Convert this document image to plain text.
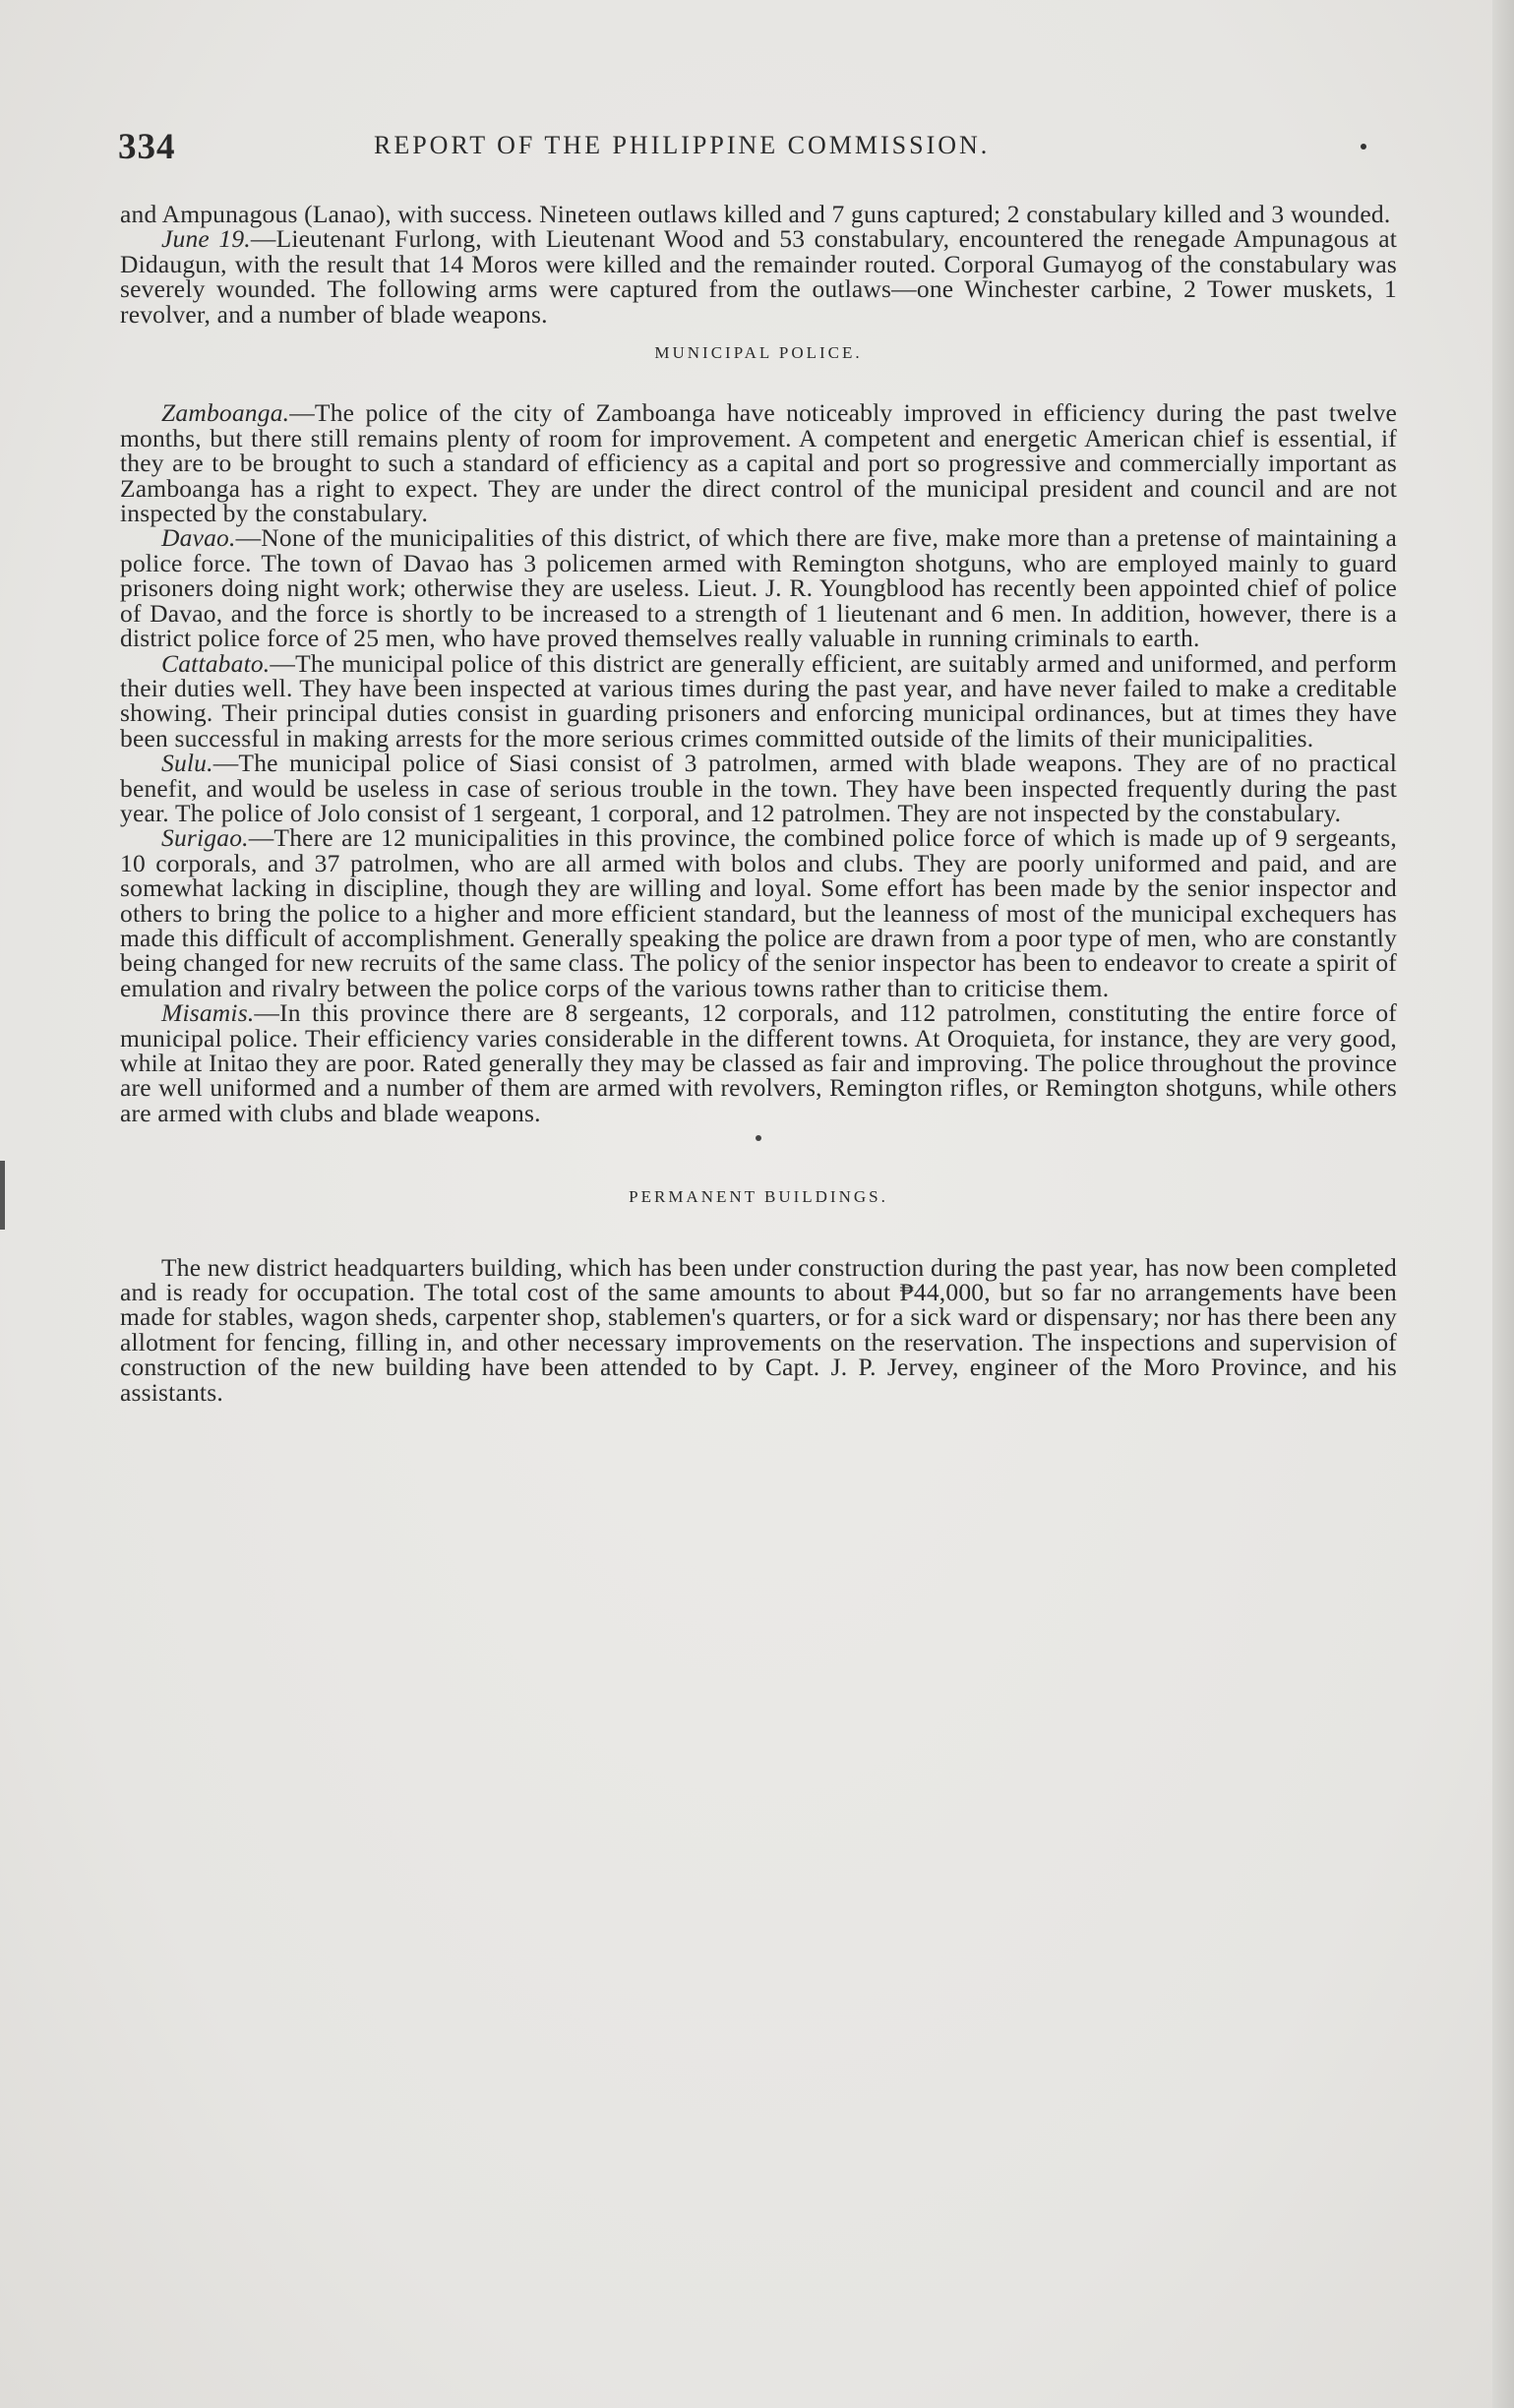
334	REPORT OF THE PHILIPPINE COMMISSION.

and Ampunagous (Lanao), with success. Nineteen outlaws killed and 7 guns captured; 2 constabulary killed and 3 wounded.

June 19.—Lieutenant Furlong, with Lieutenant Wood and 53 constabulary, encountered the renegade Ampunagous at Didaugun, with the result that 14 Moros were killed and the remainder routed. Corporal Gumayog of the constabulary was severely wounded. The following arms were captured from the outlaws—one Winchester carbine, 2 Tower muskets, 1 revolver, and a number of blade weapons.

MUNICIPAL POLICE.

Zamboanga.—The police of the city of Zamboanga have noticeably improved in efficiency during the past twelve months, but there still remains plenty of room for improvement. A competent and energetic American chief is essential, if they are to be brought to such a standard of efficiency as a capital and port so progressive and commercially important as Zamboanga has a right to expect. They are under the direct control of the municipal president and council and are not inspected by the constabulary.

Davao.—None of the municipalities of this district, of which there are five, make more than a pretense of maintaining a police force. The town of Davao has 3 policemen armed with Remington shotguns, who are employed mainly to guard prisoners doing night work; otherwise they are useless. Lieut. J. R. Youngblood has recently been appointed chief of police of Davao, and the force is shortly to be increased to a strength of 1 lieutenant and 6 men. In addition, however, there is a district police force of 25 men, who have proved themselves really valuable in running criminals to earth.

Cattabato.—The municipal police of this district are generally efficient, are suitably armed and uniformed, and perform their duties well. They have been inspected at various times during the past year, and have never failed to make a creditable showing. Their principal duties consist in guarding prisoners and enforcing municipal ordinances, but at times they have been successful in making arrests for the more serious crimes committed outside of the limits of their municipalities.

Sulu.—The municipal police of Siasi consist of 3 patrolmen, armed with blade weapons. They are of no practical benefit, and would be useless in case of serious trouble in the town. They have been inspected frequently during the past year. The police of Jolo consist of 1 sergeant, 1 corporal, and 12 patrolmen. They are not inspected by the constabulary.

Surigao.—There are 12 municipalities in this province, the combined police force of which is made up of 9 sergeants, 10 corporals, and 37 patrolmen, who are all armed with bolos and clubs. They are poorly uniformed and paid, and are somewhat lacking in discipline, though they are willing and loyal. Some effort has been made by the senior inspector and others to bring the police to a higher and more efficient standard, but the leanness of most of the municipal exchequers has made this difficult of accomplishment. Generally speaking the police are drawn from a poor type of men, who are constantly being changed for new recruits of the same class. The policy of the senior inspector has been to endeavor to create a spirit of emulation and rivalry between the police corps of the various towns rather than to criticise them.

Misamis.—In this province there are 8 sergeants, 12 corporals, and 112 patrolmen, constituting the entire force of municipal police. Their efficiency varies considerable in the different towns. At Oroquieta, for instance, they are very good, while at Initao they are poor. Rated generally they may be classed as fair and improving. The police throughout the province are well uniformed and a number of them are armed with revolvers, Remington rifles, or Remington shotguns, while others are armed with clubs and blade weapons.

PERMANENT BUILDINGS.

The new district headquarters building, which has been under construction during the past year, has now been completed and is ready for occupation. The total cost of the same amounts to about ₱44,000, but so far no arrangements have been made for stables, wagon sheds, carpenter shop, stablemen's quarters, or for a sick ward or dispensary; nor has there been any allotment for fencing, filling in, and other necessary improvements on the reservation. The inspections and supervision of construction of the new building have been attended to by Capt. J. P. Jervey, engineer of the Moro Province, and his assistants.
